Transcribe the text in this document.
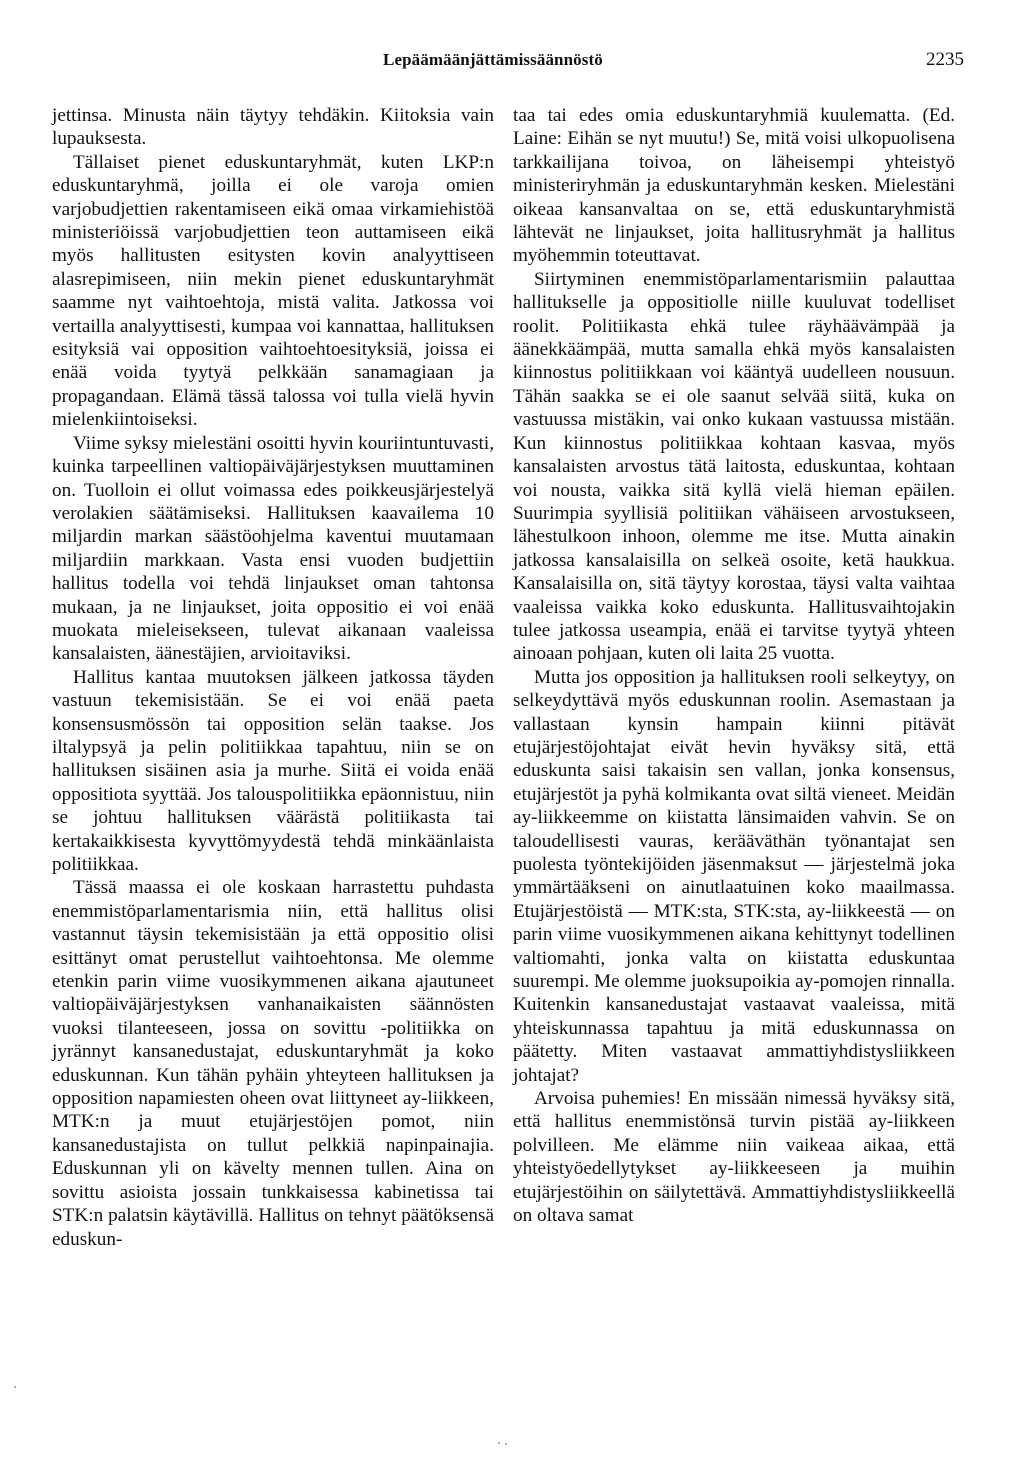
Lepäämäänjättämissäännöstö	2235

jettinsa. Minusta näin täytyy tehdäkin. Kiitoksia vain lupauksesta.

Tällaiset pienet eduskuntaryhmät, kuten LKP:n eduskuntaryhmä, joilla ei ole varoja omien varjobudjettien rakentamiseen eikä omaa virkamiehistöä ministeriöissä varjobudjettien teon auttamiseen eikä myös hallitusten esitysten kovin analyyttiseen alasrepimiseen, niin mekin pienet eduskuntaryhmät saamme nyt vaihtoehtoja, mistä valita. Jatkossa voi vertailla analyyttisesti, kumpaa voi kannattaa, hallituksen esityksiä vai opposition vaihtoehtoesityksiä, joissa ei enää voida tyytyä pelkkään sanamagiaan ja propagandaan. Elämä tässä talossa voi tulla vielä hyvin mielenkiintoiseksi.

Viime syksy mielestäni osoitti hyvin kouriintuntuvasti, kuinka tarpeellinen valtiopäiväjärjestyksen muuttaminen on. Tuolloin ei ollut voimassa edes poikkeusjärjestelyä verolakien säätämiseksi. Hallituksen kaavailema 10 miljardin markan säästöohjelma kaventui muutamaan miljardiin markkaan. Vasta ensi vuoden budjettiin hallitus todella voi tehdä linjaukset oman tahtonsa mukaan, ja ne linjaukset, joita oppositio ei voi enää muokata mieleisekseen, tulevat aikanaan vaaleissa kansalaisten, äänestäjien, arvioitaviksi.

Hallitus kantaa muutoksen jälkeen jatkossa täyden vastuun tekemisistään. Se ei voi enää paeta konsensusmössön tai opposition selän taakse. Jos iltalypsyä ja pelin politiikkaa tapahtuu, niin se on hallituksen sisäinen asia ja murhe. Siitä ei voida enää oppositiota syyttää. Jos talouspolitiikka epäonnistuu, niin se johtuu hallituksen väärästä politiikasta tai kertakaikkisesta kyvyttömyydestä tehdä minkäänlaista politiikkaa.

Tässä maassa ei ole koskaan harrastettu puhdasta enemmistöparlamentarismia niin, että hallitus olisi vastannut täysin tekemisistään ja että oppositio olisi esittänyt omat perustellut vaihtoehtonsa. Me olemme etenkin parin viime vuosikymmenen aikana ajautuneet valtiopäiväjärjestyksen vanhanaikaisten säännösten vuoksi tilanteeseen, jossa on sovittu -politiikka on jyrännyt kansanedustajat, eduskuntaryhmät ja koko eduskunnan. Kun tähän pyhäin yhteyteen hallituksen ja opposition napamiesten oheen ovat liittyneet ay-liikkeen, MTK:n ja muut etujärjestöjen pomot, niin kansanedustajista on tullut pelkkiä napinpainajia. Eduskunnan yli on kävelty mennen tullen. Aina on sovittu asioista jossain tunkkaisessa kabinetissa tai STK:n palatsin käytävillä. Hallitus on tehnyt päätöksensä eduskun-

taa tai edes omia eduskuntaryhmiä kuulematta. (Ed. Laine: Eihän se nyt muutu!) Se, mitä voisi ulkopuolisena tarkkailijana toivoa, on läheisempi yhteistyö ministeriryhmän ja eduskuntaryhmän kesken. Mielestäni oikeaa kansanvaltaa on se, että eduskuntaryhmistä lähtevät ne linjaukset, joita hallitusryhmät ja hallitus myöhemmin toteuttavat.

Siirtyminen enemmistöparlamentarismiin palauttaa hallitukselle ja oppositiolle niille kuuluvat todelliset roolit. Politiikasta ehkä tulee räyhäävämpää ja äänekkäämpää, mutta samalla ehkä myös kansalaisten kiinnostus politiikkaan voi kääntyä uudelleen nousuun. Tähän saakka se ei ole saanut selvää siitä, kuka on vastuussa mistäkin, vai onko kukaan vastuussa mistään. Kun kiinnostus politiikkaa kohtaan kasvaa, myös kansalaisten arvostus tätä laitosta, eduskuntaa, kohtaan voi nousta, vaikka sitä kyllä vielä hieman epäilen. Suurimpia syyllisiä politiikan vähäiseen arvostukseen, lähestulkoon inhoon, olemme me itse. Mutta ainakin jatkossa kansalaisilla on selkeä osoite, ketä haukkua. Kansalaisilla on, sitä täytyy korostaa, täysi valta vaihtaa vaaleissa vaikka koko eduskunta. Hallitusvaihtojakin tulee jatkossa useampia, enää ei tarvitse tyytyä yhteen ainoaan pohjaan, kuten oli laita 25 vuotta.

Mutta jos opposition ja hallituksen rooli selkeytyy, on selkeydyttävä myös eduskunnan roolin. Asemastaan ja vallastaan kynsin hampain kiinni pitävät etujärjestöjohtajat eivät hevin hyväksy sitä, että eduskunta saisi takaisin sen vallan, jonka konsensus, etujärjestöt ja pyhä kolmikanta ovat siltä vieneet. Meidän ay-liikkeemme on kiistatta länsimaiden vahvin. Se on taloudellisesti vauras, kerääväthän työnantajat sen puolesta työntekijöiden jäsenmaksut — järjestelmä joka ymmärtääkseni on ainutlaatuinen koko maailmassa. Etujärjestöistä — MTK:sta, STK:sta, ay-liikkeestä — on parin viime vuosikymmenen aikana kehittynyt todellinen valtiomahti, jonka valta on kiistatta eduskuntaa suurempi. Me olemme juoksupoikia ay-pomojen rinnalla. Kuitenkin kansanedustajat vastaavat vaaleissa, mitä yhteiskunnassa tapahtuu ja mitä eduskunnassa on päätetty. Miten vastaavat ammattiyhdistysliikkeen johtajat?

Arvoisa puhemies! En missään nimessä hyväksy sitä, että hallitus enemmistönsä turvin pistää ay-liikkeen polvilleen. Me elämme niin vaikeaa aikaa, että yhteistyöedellytykset ay-liikkeeseen ja muihin etujärjestöihin on säilytettävä. Ammattiyhdistysliikkeellä on oltava samat
